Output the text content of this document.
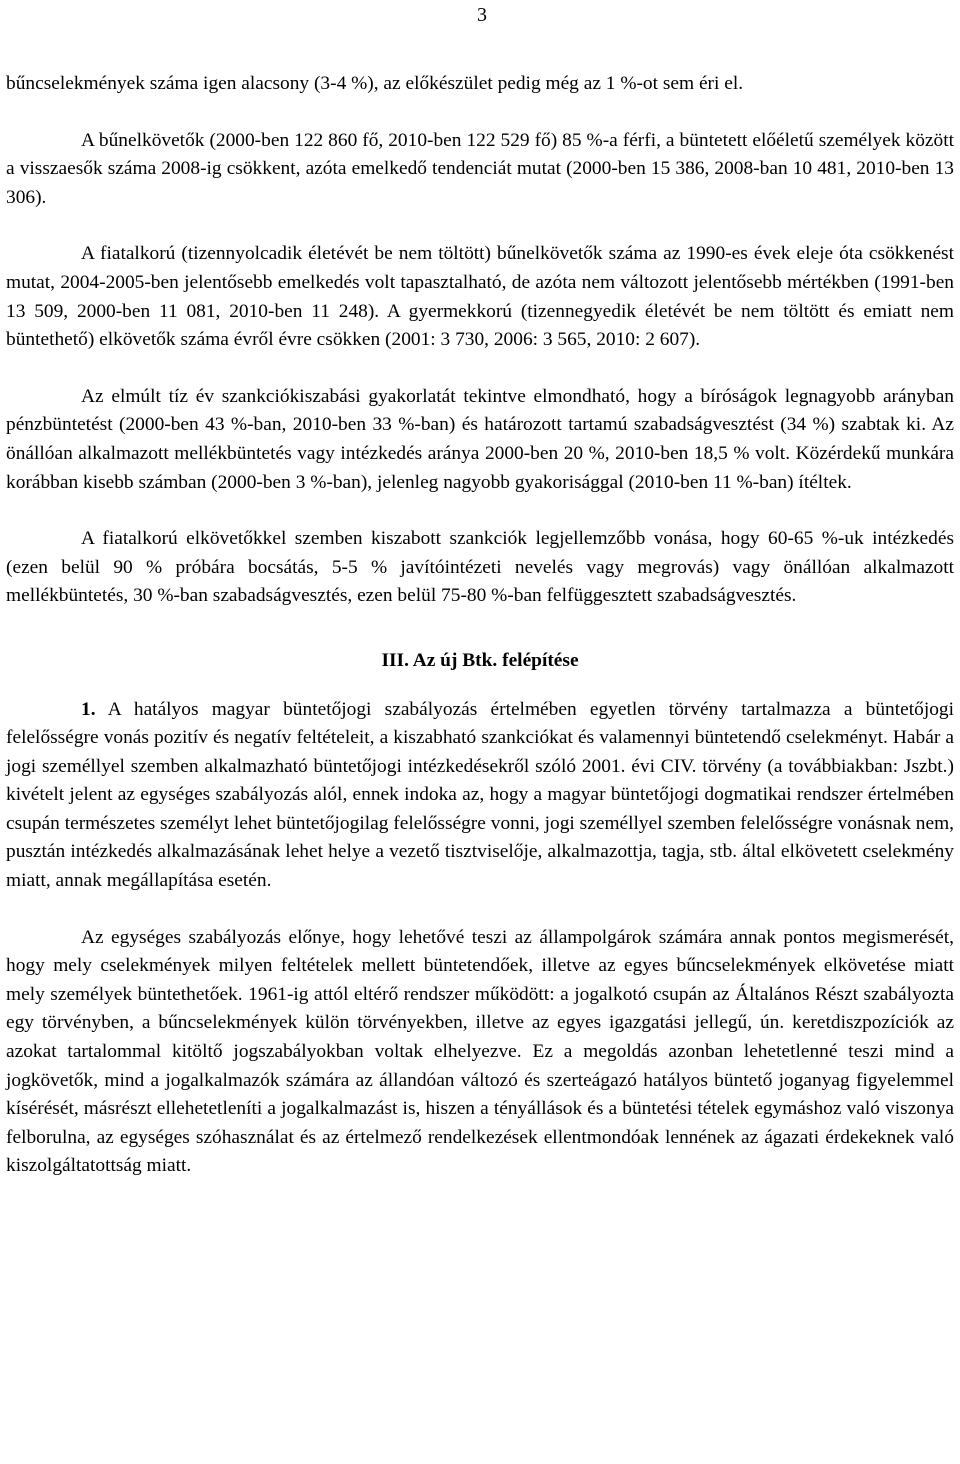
3

bűncselekmények száma igen alacsony (3-4 %), az előkészület pedig még az 1 %-ot sem éri el.

A bűnelkövetők (2000-ben 122 860 fő, 2010-ben 122 529 fő) 85 %-a férfi, a büntetett előéletű személyek között a visszaesők száma 2008-ig csökkent, azóta emelkedő tendenciát mutat (2000-ben 15 386, 2008-ban 10 481, 2010-ben 13 306).

A fiatalkorú (tizennyolcadik életévét be nem töltött) bűnelkövetők száma az 1990-es évek eleje óta csökkenést mutat, 2004-2005-ben jelentősebb emelkedés volt tapasztalható, de azóta nem változott jelentősebb mértékben (1991-ben 13 509, 2000-ben 11 081, 2010-ben 11 248). A gyermekkorú (tizennegyedik életévét be nem töltött és emiatt nem büntethető) elkövetők száma évről évre csökken (2001: 3 730, 2006: 3 565, 2010: 2 607).

Az elmúlt tíz év szankciókiszabási gyakorlatát tekintve elmondható, hogy a bíróságok legnagyobb arányban pénzbüntetést (2000-ben 43 %-ban, 2010-ben 33 %-ban) és határozott tartamú szabadságvesztést (34 %) szabtak ki. Az önállóan alkalmazott mellékbüntetés vagy intézkedés aránya 2000-ben 20 %, 2010-ben 18,5 % volt. Közérdekű munkára korábban kisebb számban (2000-ben 3 %-ban), jelenleg nagyobb gyakorisággal (2010-ben 11 %-ban) ítéltek.

A fiatalkorú elkövetőkkel szemben kiszabott szankciók legjellemzőbb vonása, hogy 60-65 %-uk intézkedés (ezen belül 90 % próbára bocsátás, 5-5 % javítóintézeti nevelés vagy megrovás) vagy önállóan alkalmazott mellékbüntetés, 30 %-ban szabadságvesztés, ezen belül 75-80 %-ban felfüggesztett szabadságvesztés.

III. Az új Btk. felépítése

1. A hatályos magyar büntetőjogi szabályozás értelmében egyetlen törvény tartalmazza a büntetőjogi felelősségre vonás pozitív és negatív feltételeit, a kiszabható szankciókat és valamennyi büntetendő cselekményt. Habár a jogi személlyel szemben alkalmazható büntetőjogi intézkedésekről szóló 2001. évi CIV. törvény (a továbbiakban: Jszbt.) kivételt jelent az egységes szabályozás alól, ennek indoka az, hogy a magyar büntetőjogi dogmatikai rendszer értelmében csupán természetes személyt lehet büntetőjogilag felelősségre vonni, jogi személlyel szemben felelősségre vonásnak nem, pusztán intézkedés alkalmazásának lehet helye a vezető tisztviselője, alkalmazottja, tagja, stb. által elkövetett cselekmény miatt, annak megállapítása esetén.

Az egységes szabályozás előnye, hogy lehetővé teszi az állampolgárok számára annak pontos megismerését, hogy mely cselekmények milyen feltételek mellett büntetendőek, illetve az egyes bűncselekmények elkövetése miatt mely személyek büntethetőek. 1961-ig attól eltérő rendszer működött: a jogalkotó csupán az Általános Részt szabályozta egy törvényben, a bűncselekmények külön törvényekben, illetve az egyes igazgatási jellegű, ún. keretdiszpozíciók az azokat tartalommal kitöltő jogszabályokban voltak elhelyezve. Ez a megoldás azonban lehetetlenné teszi mind a jogkövetők, mind a jogalkalmazók számára az állandóan változó és szerteágazó hatályos büntető joganyag figyelemmel kísérését, másrészt ellehetetleníti a jogalkalmazást is, hiszen a tényállások és a büntetési tételek egymáshoz való viszonya felborulna, az egységes szóhasználat és az értelmező rendelkezések ellentmondóak lennének az ágazati érdekeknek való kiszolgáltatottság miatt.
